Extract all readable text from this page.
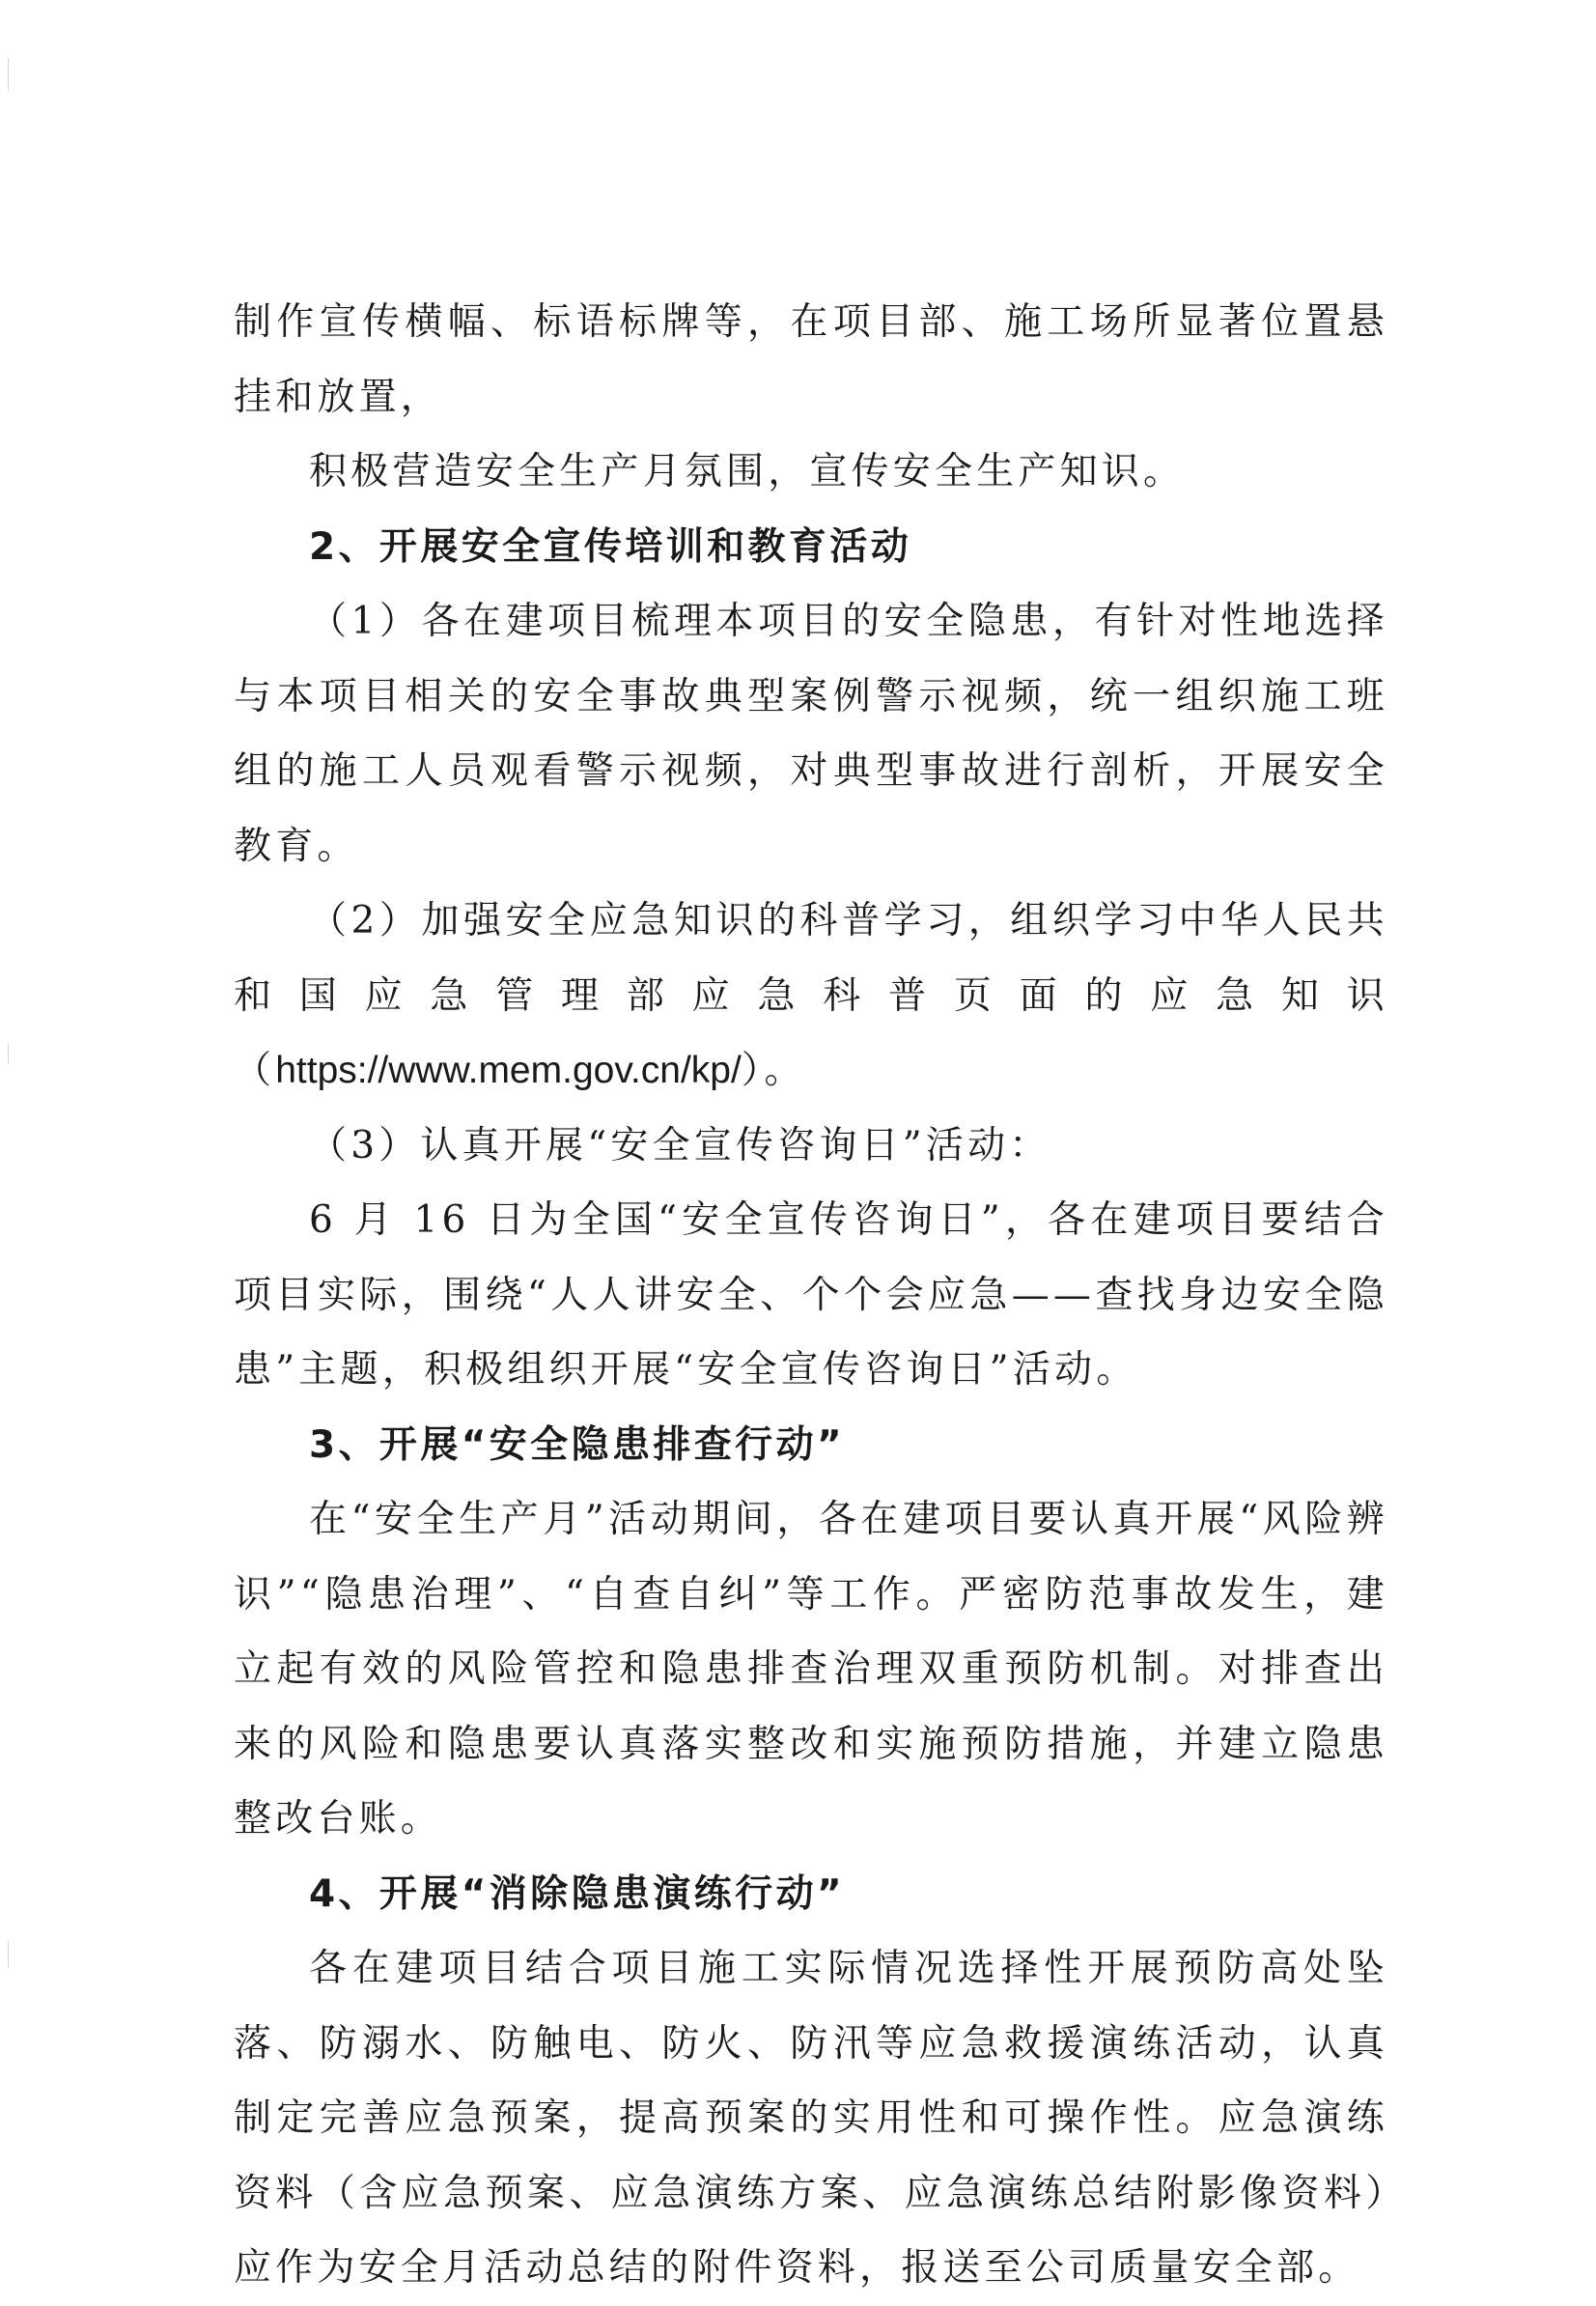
制作宣传横幅、标语标牌等，在项目部、施工场所显著位置悬挂和放置，

积极营造安全生产月氛围，宣传安全生产知识。

2、开展安全宣传培训和教育活动

（1）各在建项目梳理本项目的安全隐患，有针对性地选择与本项目相关的安全事故典型案例警示视频，统一组织施工班组的施工人员观看警示视频，对典型事故进行剖析，开展安全教育。

（2）加强安全应急知识的科普学习，组织学习中华人民共和国应急管理部应急科普页面的应急知识（https://www.mem.gov.cn/kp/）。

（3）认真开展“安全宣传咨询日”活动：

6 月 16 日为全国“安全宣传咨询日”，各在建项目要结合项目实际，围绕“人人讲安全、个个会应急——查找身边安全隐患”主题，积极组织开展“安全宣传咨询日”活动。

3、开展“安全隐患排查行动”

在“安全生产月”活动期间，各在建项目要认真开展“风险辨识”“隐患治理”、“自查自纠”等工作。严密防范事故发生，建立起有效的风险管控和隐患排查治理双重预防机制。对排查出来的风险和隐患要认真落实整改和实施预防措施，并建立隐患整改台账。

4、开展“消除隐患演练行动”

各在建项目结合项目施工实际情况选择性开展预防高处坠落、防溺水、防触电、防火、防汛等应急救援演练活动，认真制定完善应急预案，提高预案的实用性和可操作性。应急演练资料（含应急预案、应急演练方案、应急演练总结附影像资料）应作为安全月活动总结的附件资料，报送至公司质量安全部。
